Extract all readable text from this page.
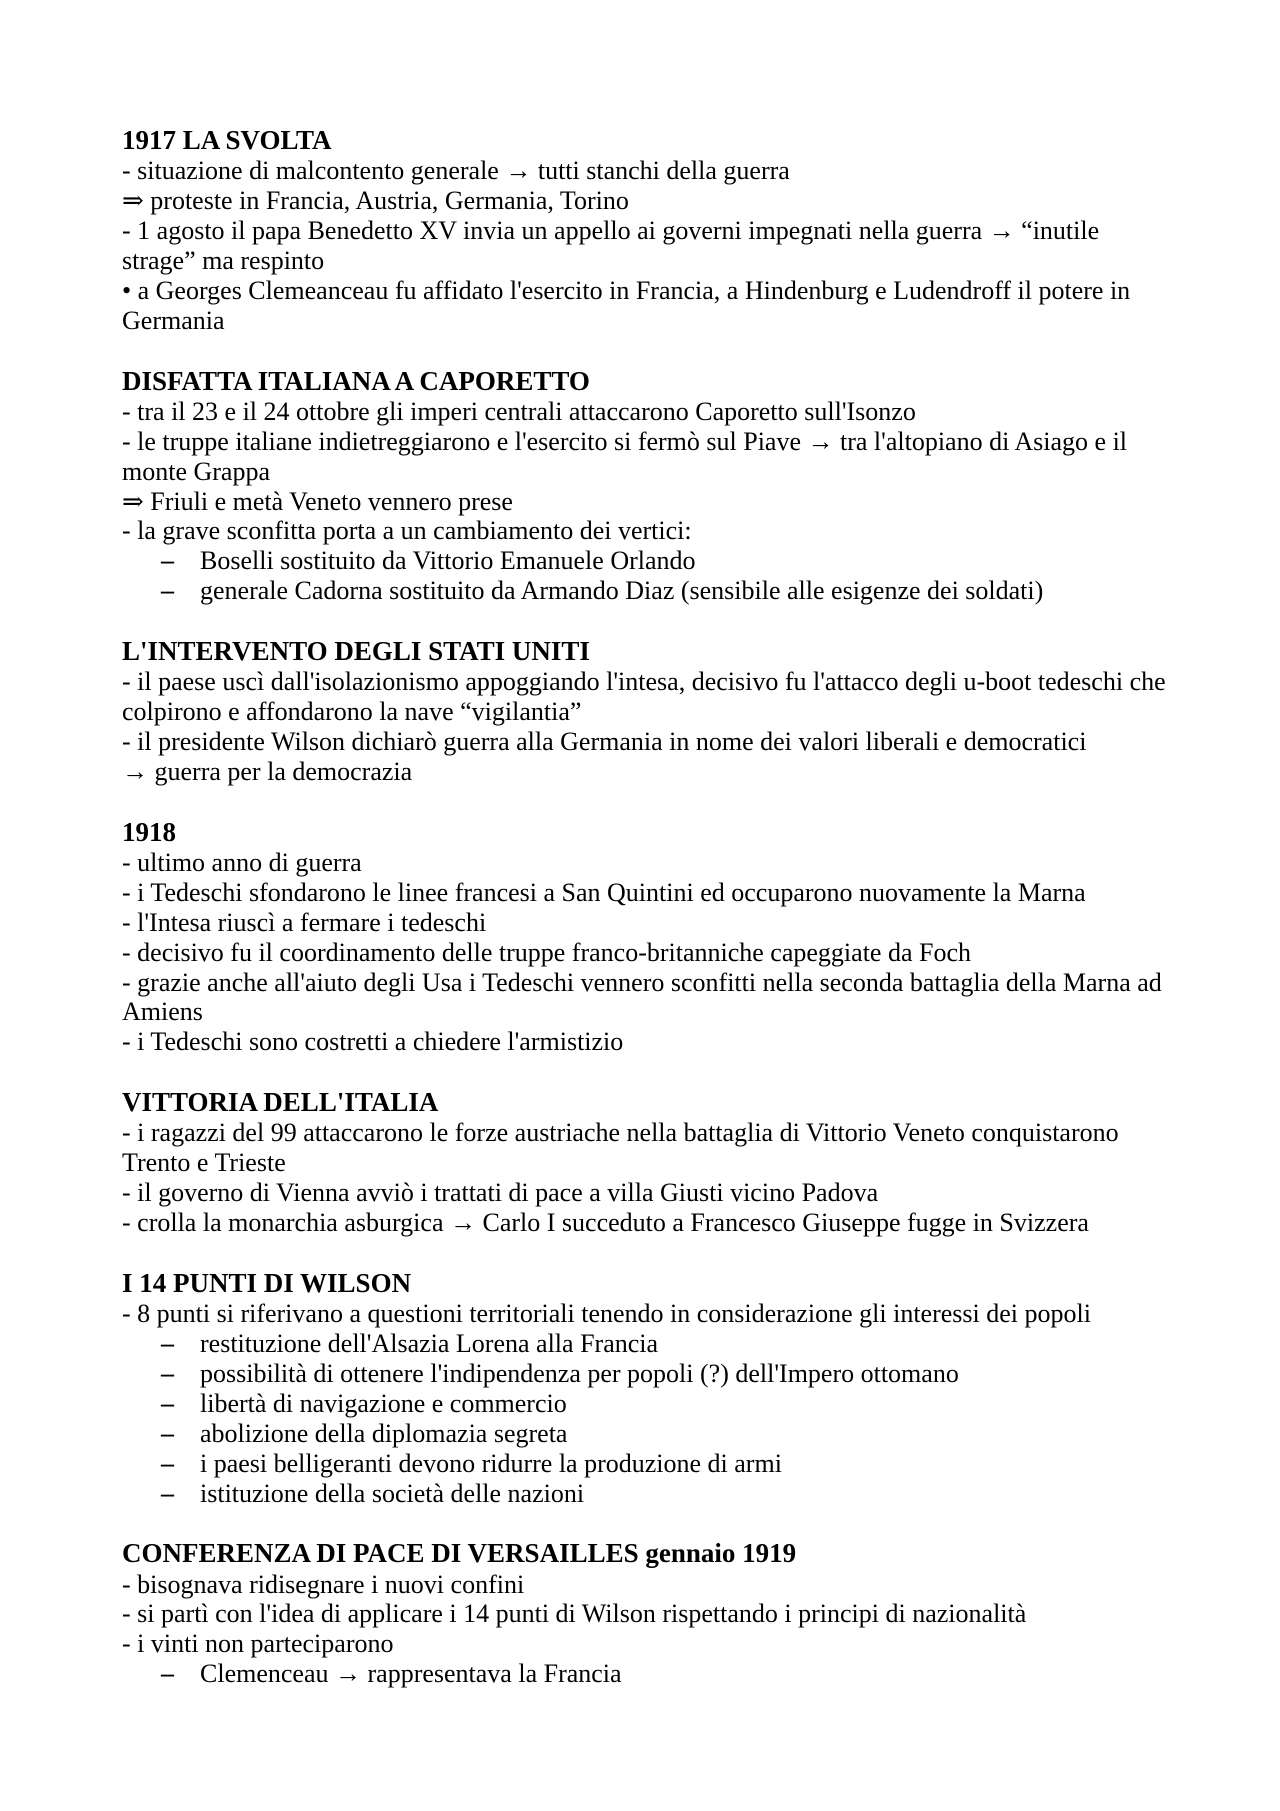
1917 LA SVOLTA
- situazione di malcontento generale → tutti stanchi della guerra
⇒ proteste in Francia, Austria, Germania, Torino
- 1 agosto il papa Benedetto XV invia un appello ai governi impegnati nella guerra → “inutile
strage” ma respinto
• a Georges Clemeanceau fu affidato l'esercito in Francia, a Hindenburg e Ludendroff il potere in
Germania
DISFATTA ITALIANA A CAPORETTO
- tra il 23 e il 24 ottobre gli imperi centrali attaccarono Caporetto sull'Isonzo
- le truppe italiane indietreggiarono e l'esercito si fermò sul Piave → tra l'altopiano di Asiago e il
monte Grappa
⇒ Friuli e metà Veneto vennero prese
- la grave sconfitta porta a un cambiamento dei vertici:
– Boselli sostituito da Vittorio Emanuele Orlando
– generale Cadorna sostituito da Armando Diaz (sensibile alle esigenze dei soldati)
L'INTERVENTO DEGLI STATI UNITI
- il paese uscì dall'isolazionismo appoggiando l'intesa, decisivo fu l'attacco degli u-boot tedeschi che
colpirono e affondarono la nave “vigilantia”
- il presidente Wilson dichiarò guerra alla Germania in nome dei valori liberali e democratici
→ guerra per la democrazia
1918
- ultimo anno di guerra
- i Tedeschi sfondarono le linee francesi a San Quintini ed occuparono nuovamente la Marna
- l'Intesa riuscì a fermare i tedeschi
- decisivo fu il coordinamento delle truppe franco-britanniche capeggiate da Foch
- grazie anche all'aiuto degli Usa i Tedeschi vennero sconfitti nella seconda battaglia della Marna ad
Amiens
- i Tedeschi sono costretti a chiedere l'armistizio
VITTORIA DELL'ITALIA
- i ragazzi del 99 attaccarono le forze austriache nella battaglia di Vittorio Veneto conquistarono
Trento e Trieste
- il governo di Vienna avviò i trattati di pace a villa Giusti vicino Padova
- crolla la monarchia asburgica → Carlo I succeduto a Francesco Giuseppe fugge in Svizzera
I 14 PUNTI DI WILSON
- 8 punti si riferivano a questioni territoriali tenendo in considerazione gli interessi dei popoli
– restituzione dell'Alsazia Lorena alla Francia
– possibilità di ottenere l'indipendenza per popoli (?) dell'Impero ottomano
– libertà di navigazione e commercio
– abolizione della diplomazia segreta
– i paesi belligeranti devono ridurre la produzione di armi
– istituzione della società delle nazioni
CONFERENZA DI PACE DI VERSAILLES gennaio 1919
- bisognava ridisegnare i nuovi confini
- si partì con l'idea di applicare i 14 punti di Wilson rispettando i principi di nazionalità
- i vinti non parteciparono
– Clemenceau → rappresentava la Francia
